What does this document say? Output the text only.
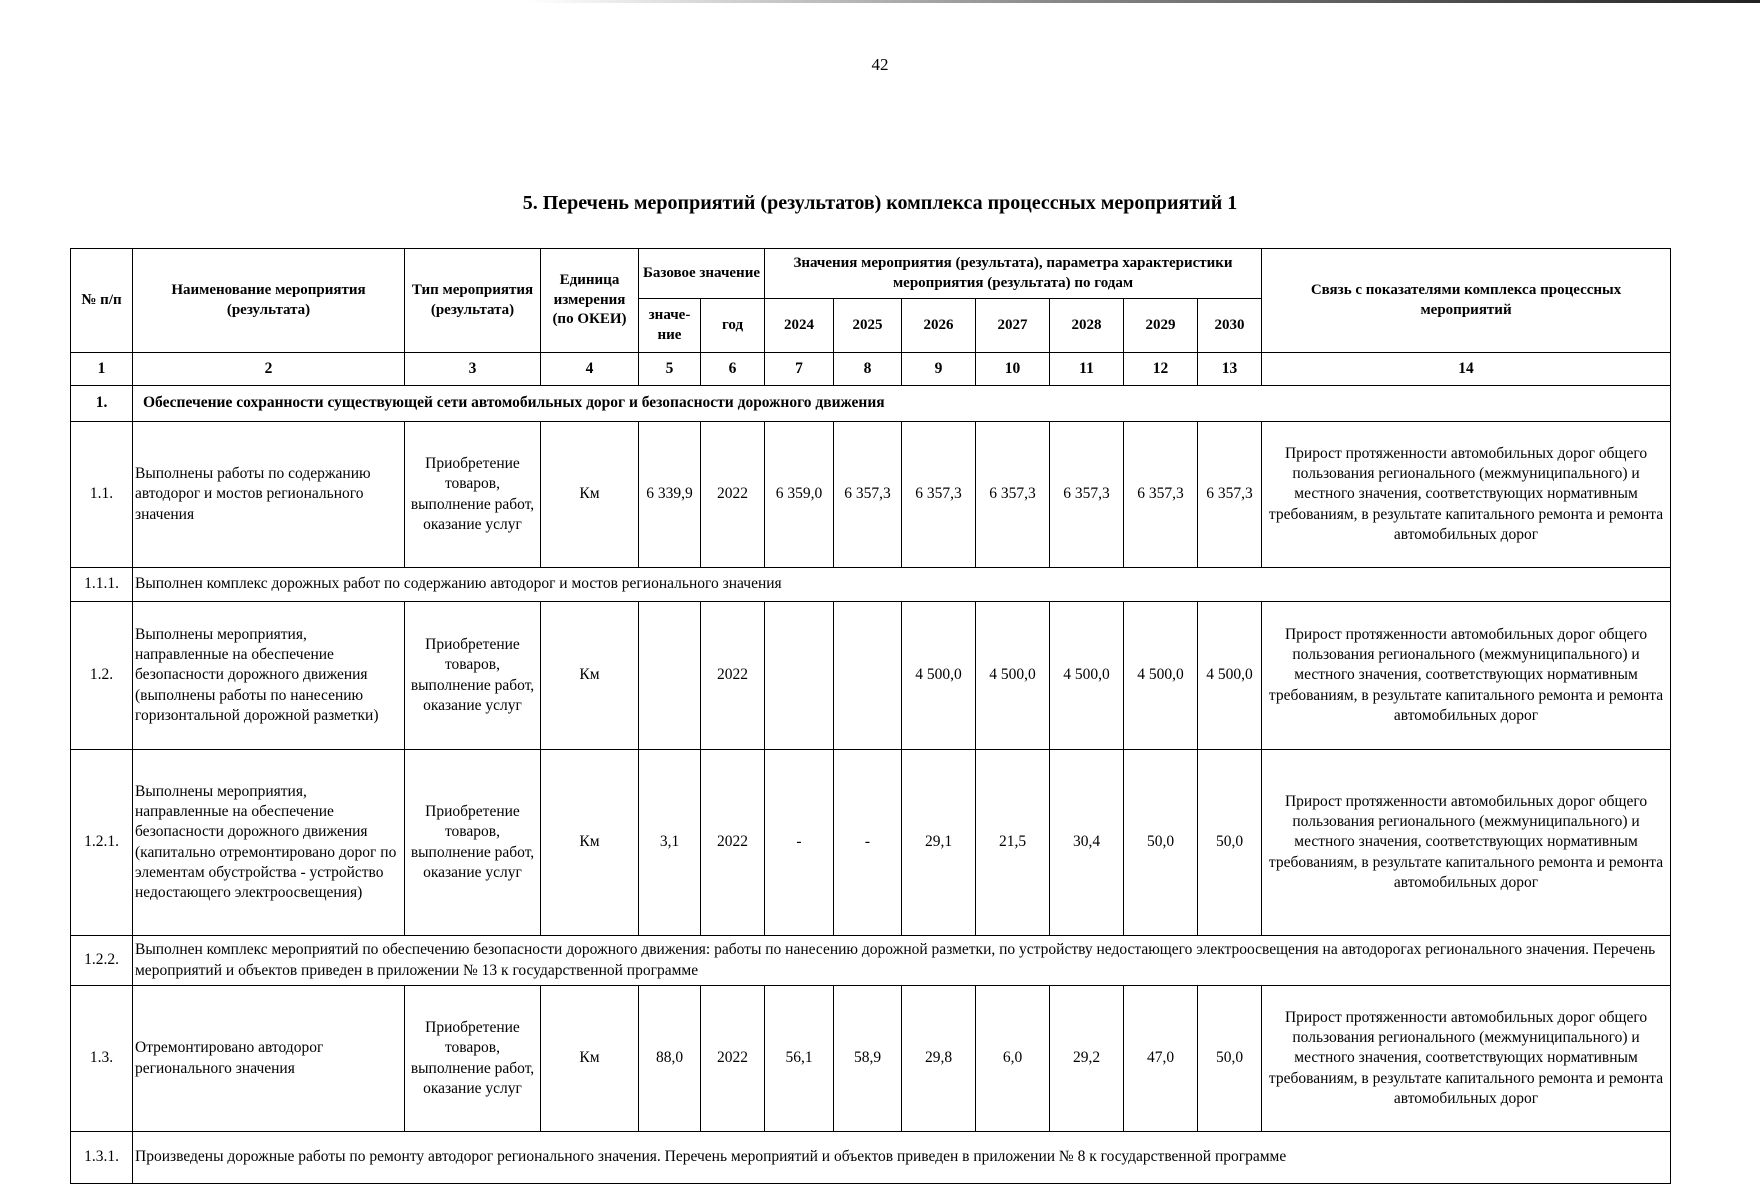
42
5. Перечень мероприятий (результатов) комплекса процессных мероприятий 1
№ п/п	Наименование мероприятия (результата)	Тип мероприятия (результата)	Единица измерения (по ОКЕИ)	Базовое значение		Значения мероприятия (результата), параметра характеристики мероприятия (результата) по годам							Связь с показателями комплекса процессных мероприятий
				значе-ние	год	2024	2025	2026	2027	2028	2029	2030	
1	2	3	4	5	6	7	8	9	10	11	12	13	14
1.	Обеспечение сохранности существующей сети автомобильных дорог и безопасности дорожного движения												
1.1.	Выполнены работы по содержанию автодорог и мостов регионального значения	Приобретение товаров, выполнение работ, оказание услуг	Км	6 339,9	2022	6 359,0	6 357,3	6 357,3	6 357,3	6 357,3	6 357,3	6 357,3	Прирост протяженности автомобильных дорог общего пользования регионального (межмуниципального) и местного значения, соответствующих нормативным требованиям, в результате капитального ремонта и ремонта автомобильных дорог
1.1.1.	Выполнен комплекс дорожных работ по содержанию автодорог и мостов регионального значения												
1.2.	Выполнены мероприятия, направленные на обеспечение безопасности дорожного движения (выполнены работы по нанесению горизонтальной дорожной разметки)	Приобретение товаров, выполнение работ, оказание услуг	Км		2022			4 500,0	4 500,0	4 500,0	4 500,0	4 500,0	Прирост протяженности автомобильных дорог общего пользования регионального (межмуниципального) и местного значения, соответствующих нормативным требованиям, в результате капитального ремонта и ремонта автомобильных дорог
1.2.1.	Выполнены мероприятия, направленные на обеспечение безопасности дорожного движения (капитально отремонтировано дорог по элементам обустройства - устройство недостающего электроосвещения)	Приобретение товаров, выполнение работ, оказание услуг	Км	3,1	2022	-	-	29,1	21,5	30,4	50,0	50,0	Прирост протяженности автомобильных дорог общего пользования регионального (межмуниципального) и местного значения, соответствующих нормативным требованиям, в результате капитального ремонта и ремонта автомобильных дорог
1.2.2.	Выполнен комплекс мероприятий по обеспечению безопасности дорожного движения: работы по нанесению дорожной разметки, по устройству недостающего электроосвещения на автодорогах регионального значения. Перечень мероприятий и объектов приведен в приложении № 13 к государственной программе												
1.3.	Отремонтировано автодорог регионального значения	Приобретение товаров, выполнение работ, оказание услуг	Км	88,0	2022	56,1	58,9	29,8	6,0	29,2	47,0	50,0	Прирост протяженности автомобильных дорог общего пользования регионального (межмуниципального) и местного значения, соответствующих нормативным требованиям, в результате капитального ремонта и ремонта автомобильных дорог
1.3.1.	Произведены дорожные работы по ремонту автодорог регионального значения. Перечень мероприятий и объектов приведен в приложении № 8 к государственной программе												
